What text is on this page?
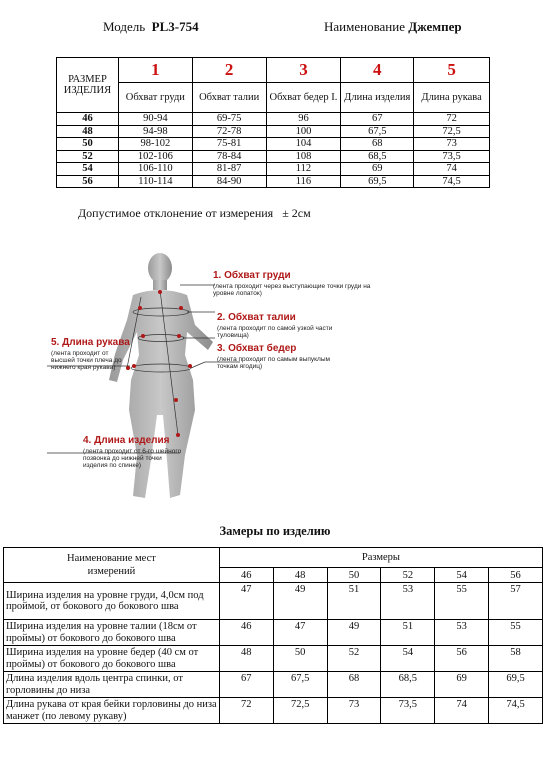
Модель PL3-754	Наименование Джемпер
РАЗМЕР ИЗДЕЛИЯ	1	2	3	4	5
	Обхват груди	Обхват талии	Обхват бедер I.	Длина изделия	Длина рукава
46	90-94	69-75	96	67	72
48	94-98	72-78	100	67,5	72,5
50	98-102	75-81	104	68	73
52	102-106	78-84	108	68,5	73,5
54	106-110	81-87	112	69	74
56	110-114	84-90	116	69,5	74,5
Допустимое отклонение от измерения ± 2см
1. Обхват груди
(лента проходит через выступающие точки груди на уровне лопаток)
2. Обхват талии
(лента проходит по самой узкой части туловища)
3. Обхват бедер
(лента проходит по самым выпуклым точкам ягодиц)
4. Длина изделия
(лента проходит от 6-го шейного позвонка до нижней точки изделия по спинке)
5. Длина рукава
(лента проходит от высшей точки плеча до нижнего края рукава)
Замеры по изделию
Наименование мест измерений	Размеры					
	46	48	50	52	54	56
Ширина изделия на уровне груди, 4,0см под проймой, от бокового до бокового шва	47	49	51	53	55	57
Ширина изделия на уровне талии (18см от проймы) от бокового до бокового шва	46	47	49	51	53	55
Ширина изделия на уровне бедер (40 см от проймы) от бокового до бокового шва	48	50	52	54	56	58
Длина изделия вдоль центра спинки, от горловины до низа	67	67,5	68	68,5	69	69,5
Длина рукава от края бейки горловины до низа манжет (по левому рукаву)	72	72,5	73	73,5	74	74,5
